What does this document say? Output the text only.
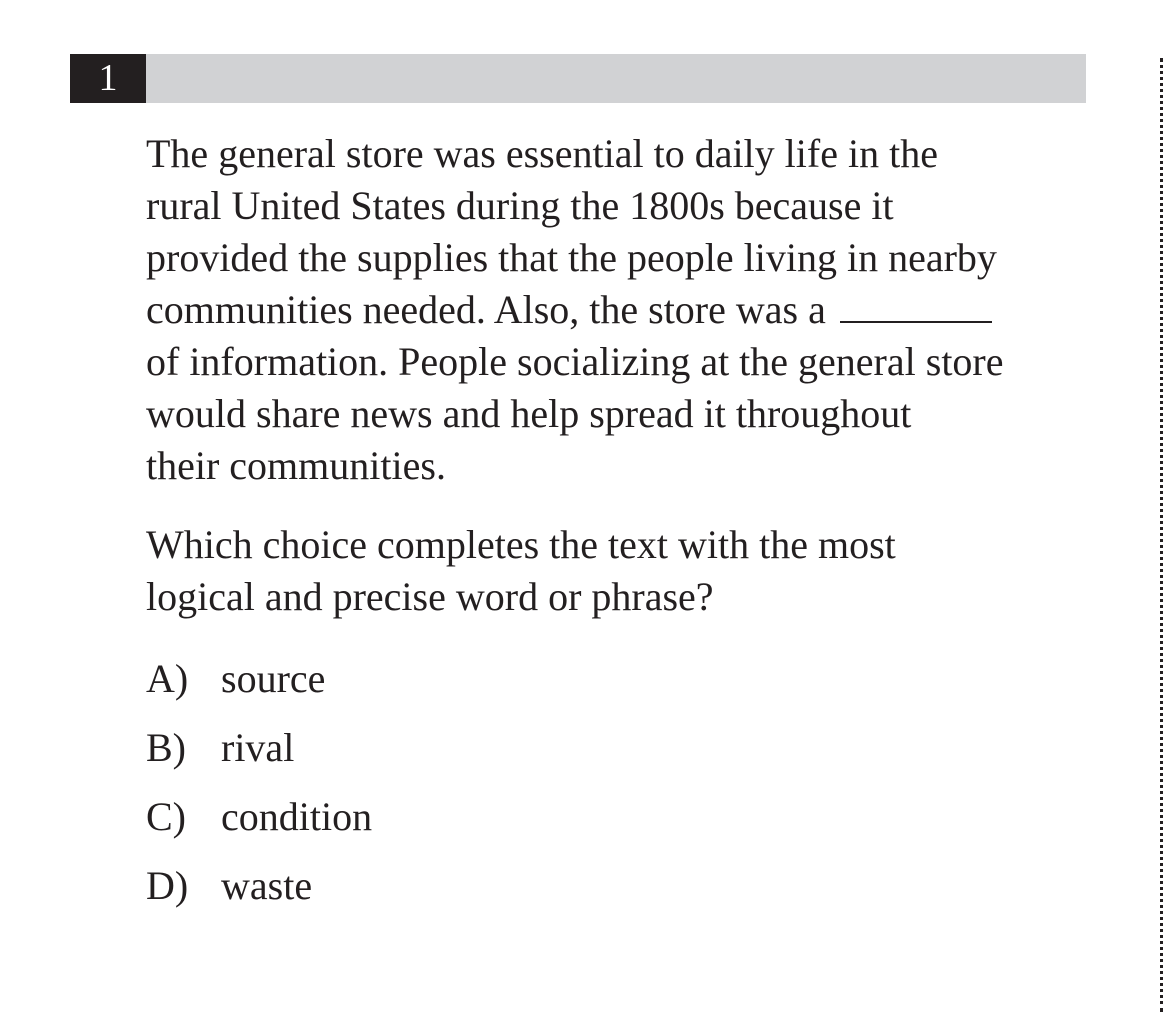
1

The general store was essential to daily life in the
rural United States during the 1800s because it
provided the supplies that the people living in nearby
communities needed. Also, the store was a
of information. People socializing at the general store
would share news and help spread it throughout
their communities.

Which choice completes the text with the most
logical and precise word or phrase?

A) source
B) rival
C) condition
D) waste
